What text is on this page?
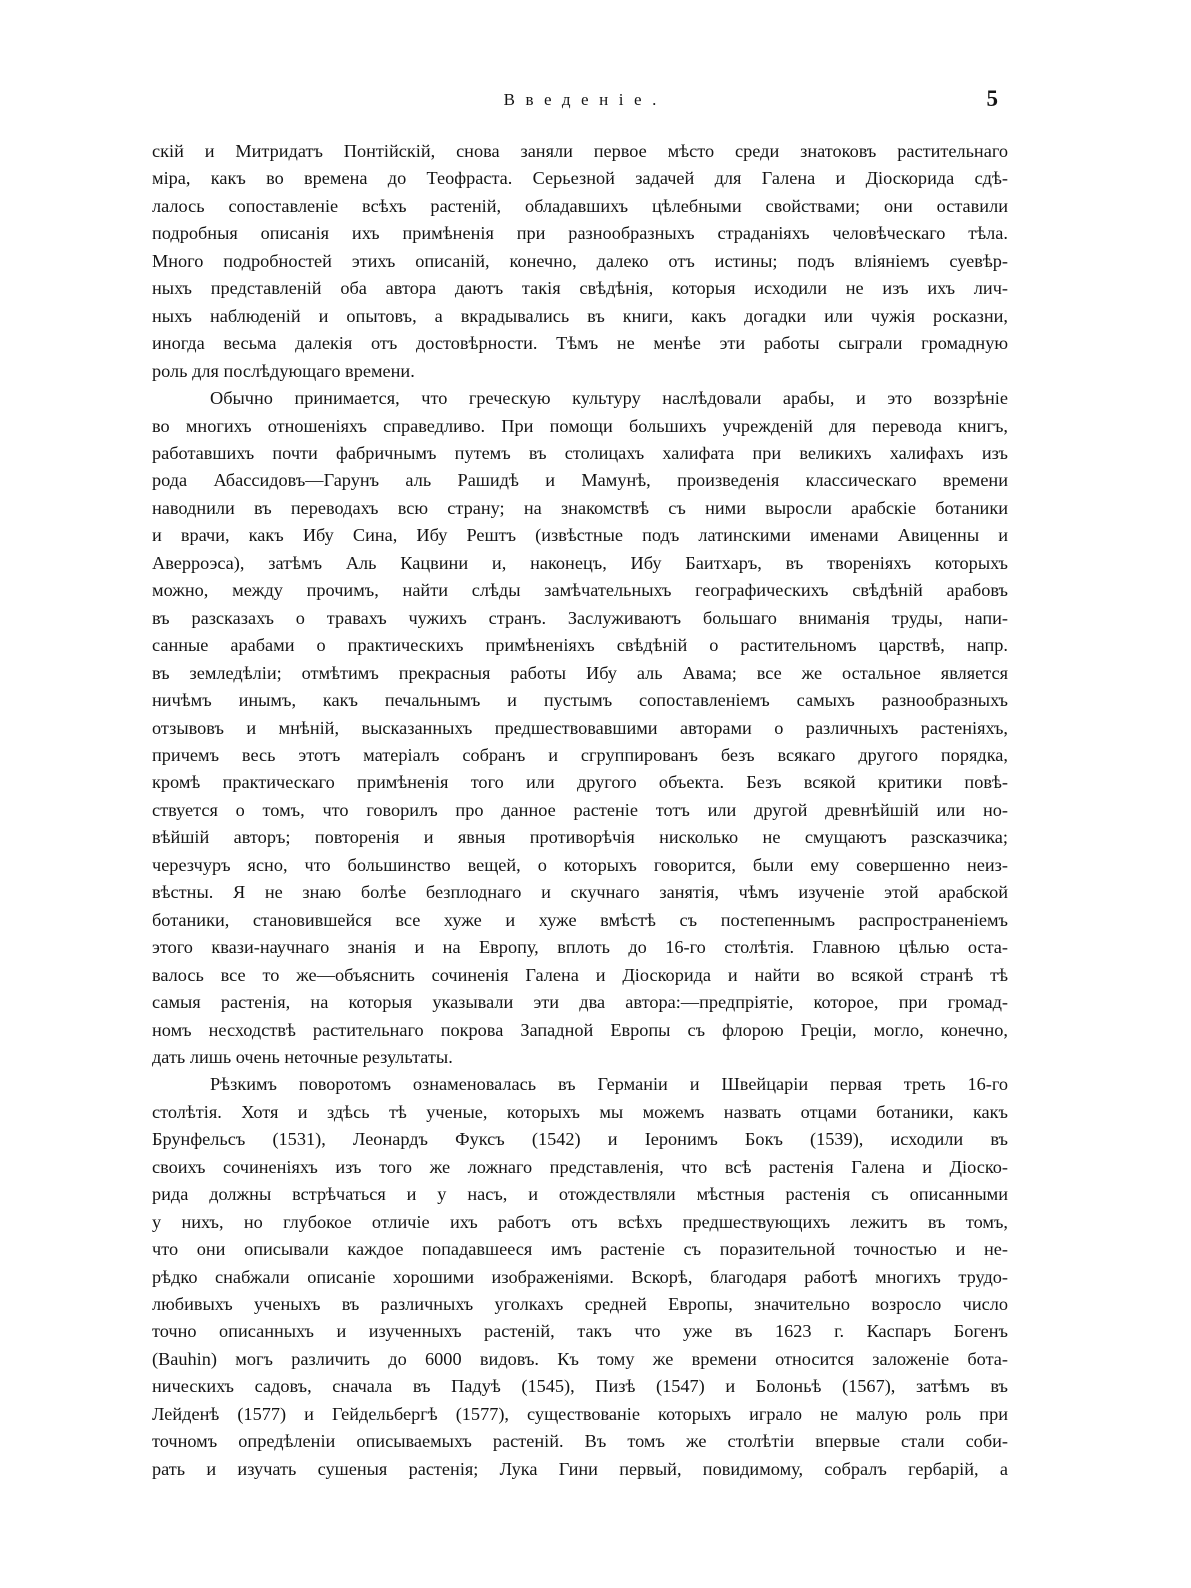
Введеніе.	5
скій и Митридатъ Понтійскій, снова заняли первое мѣсто среди знатоковъ растительнаго
міра, какъ во времена до Теофраста. Серьезной задачей для Галена и Діоскорида сдѣ-
лалось сопоставленіе всѣхъ растеній, обладавшихъ цѣлебными свойствами; они оставили
подробныя описанія ихъ примѣненія при разнообразныхъ страданіяхъ человѣческаго тѣла.
Много подробностей этихъ описаній, конечно, далеко отъ истины; подъ вліяніемъ суевѣр-
ныхъ представленій оба автора даютъ такія свѣдѣнія, которыя исходили не изъ ихъ лич-
ныхъ наблюденій и опытовъ, а вкрадывались въ книги, какъ догадки или чужія росказни,
иногда весьма далекія отъ достовѣрности. Тѣмъ не менѣе эти работы сыграли громадную
роль для послѣдующаго времени.
Обычно принимается, что греческую культуру наслѣдовали арабы, и это воззрѣніе
во многихъ отношеніяхъ справедливо. При помощи большихъ учрежденій для перевода книгъ,
работавшихъ почти фабричнымъ путемъ въ столицахъ халифата при великихъ халифахъ изъ
рода Абассидовъ—Гарунъ аль Рашидѣ и Мамунѣ, произведенія классическаго времени
наводнили въ переводахъ всю страну; на знакомствѣ съ ними выросли арабскіе ботаники
и врачи, какъ Ибу Сина, Ибу Рештъ (извѣстные подъ латинскими именами Авиценны и
Аверроэса), затѣмъ Аль Кацвини и, наконецъ, Ибу Баитхаръ, въ твореніяхъ которыхъ
можно, между прочимъ, найти слѣды замѣчательныхъ географическихъ свѣдѣній арабовъ
въ разсказахъ о травахъ чужихъ странъ. Заслуживаютъ большаго вниманія труды, напи-
санные арабами о практическихъ примѣненіяхъ свѣдѣній о растительномъ царствѣ, напр.
въ земледѣліи; отмѣтимъ прекрасныя работы Ибу аль Авама; все же остальное является
ничѣмъ инымъ, какъ печальнымъ и пустымъ сопоставленіемъ самыхъ разнообразныхъ
отзывовъ и мнѣній, высказанныхъ предшествовавшими авторами о различныхъ растеніяхъ,
причемъ весь этотъ матеріалъ собранъ и сгруппированъ безъ всякаго другого порядка,
кромѣ практическаго примѣненія того или другого объекта. Безъ всякой критики повѣ-
ствуется о томъ, что говорилъ про данное растеніе тотъ или другой древнѣйшій или но-
вѣйшій авторъ; повторенія и явныя противорѣчія нисколько не смущаютъ разсказчика;
черезчуръ ясно, что большинство вещей, о которыхъ говорится, были ему совершенно неиз-
вѣстны. Я не знаю болѣе безплоднаго и скучнаго занятія, чѣмъ изученіе этой арабской
ботаники, становившейся все хуже и хуже вмѣстѣ съ постепеннымъ распространеніемъ
этого квази-научнаго знанія и на Европу, вплоть до 16-го столѣтія. Главною цѣлью оста-
валось все то же—объяснить сочиненія Галена и Діоскорида и найти во всякой странѣ тѣ
самыя растенія, на которыя указывали эти два автора:—предпріятіе, которое, при громад-
номъ несходствѣ растительнаго покрова Западной Европы съ флорою Греціи, могло, конечно,
дать лишь очень неточные результаты.
Рѣзкимъ поворотомъ ознаменовалась въ Германіи и Швейцаріи первая треть 16-го
столѣтія. Хотя и здѣсь тѣ ученые, которыхъ мы можемъ назвать отцами ботаники, какъ
Брунфельсъ (1531), Леонардъ Фуксъ (1542) и Іеронимъ Бокъ (1539), исходили въ
своихъ сочиненіяхъ изъ того же ложнаго представленія, что всѣ растенія Галена и Діоско-
рида должны встрѣчаться и у насъ, и отождествляли мѣстныя растенія съ описанными
у нихъ, но глубокое отличіе ихъ работъ отъ всѣхъ предшествующихъ лежитъ въ томъ,
что они описывали каждое попадавшееся имъ растеніе съ поразительной точностью и не-
рѣдко снабжали описаніе хорошими изображеніями. Вскорѣ, благодаря работѣ многихъ трудо-
любивыхъ ученыхъ въ различныхъ уголкахъ средней Европы, значительно возросло число
точно описанныхъ и изученныхъ растеній, такъ что уже въ 1623 г. Каспаръ Богенъ
(Bauhin) могъ различить до 6000 видовъ. Къ тому же времени относится заложеніе бота-
ническихъ садовъ, сначала въ Падуѣ (1545), Пизѣ (1547) и Болоньѣ (1567), затѣмъ въ
Лейденѣ (1577) и Гейдельбергѣ (1577), существованіе которыхъ играло не малую роль при
точномъ опредѣленіи описываемыхъ растеній. Въ томъ же столѣтіи впервые стали соби-
рать и изучать сушеныя растенія; Лука Гини первый, повидимому, собралъ гербарій, а
